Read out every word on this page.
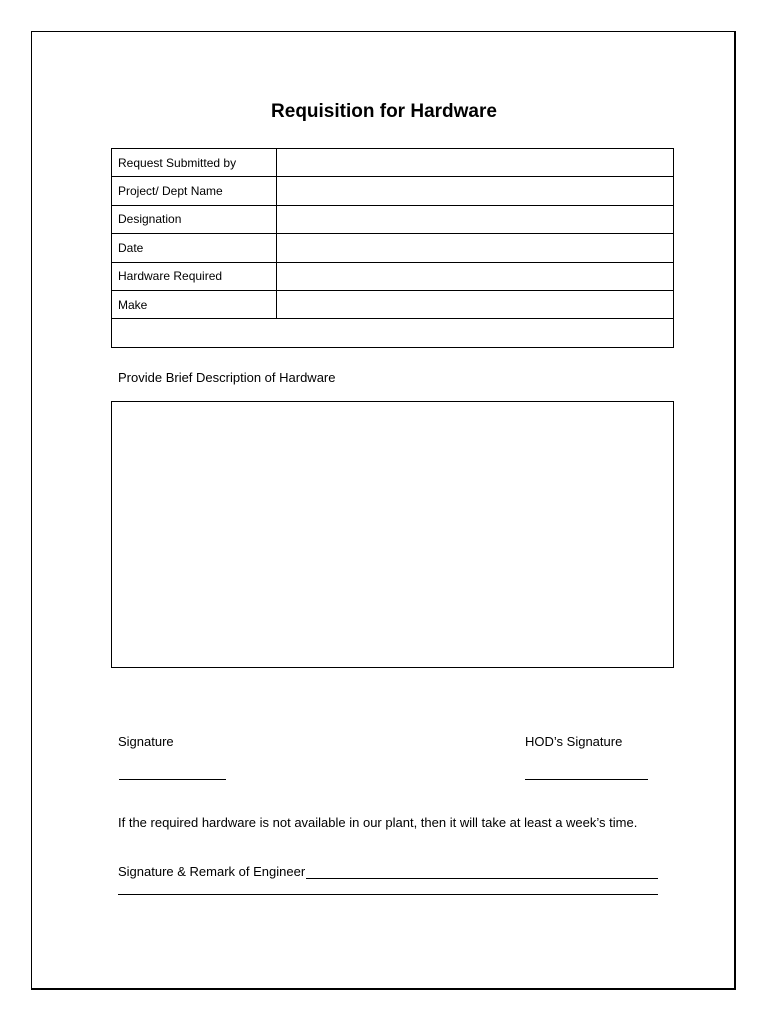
Requisition for Hardware
Request Submitted by	
Project/ Dept Name	
Designation	
Date	
Hardware Required	
Make	

Provide Brief Description of Hardware
Signature	HOD’s Signature
If the required hardware is not available in our plant, then it will take at least a week’s time.
Signature & Remark of Engineer
